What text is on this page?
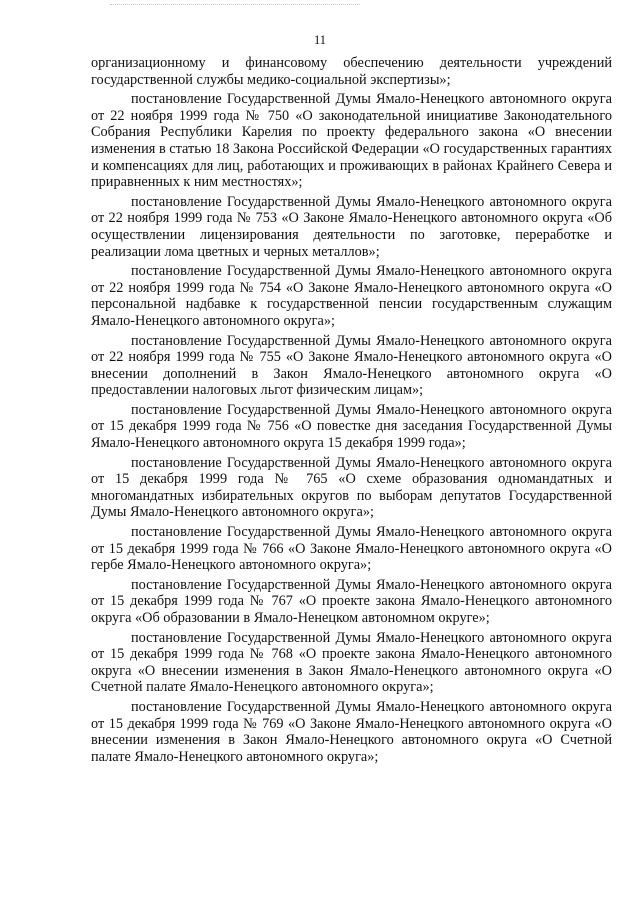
11

организационному и финансовому обеспечению деятельности учреждений государственной службы медико-социальной экспертизы»;

постановление Государственной Думы Ямало-Ненецкого автономного округа от 22 ноября 1999 года № 750 «О законодательной инициативе Законодательного Собрания Республики Карелия по проекту федерального закона «О внесении изменения в статью 18 Закона Российской Федерации «О государственных гарантиях и компенсациях для лиц, работающих и проживающих в районах Крайнего Севера и приравненных к ним местностях»;

постановление Государственной Думы Ямало-Ненецкого автономного округа от 22 ноября 1999 года № 753 «О Законе Ямало-Ненецкого автономного округа «Об осуществлении лицензирования деятельности по заготовке, переработке и реализации лома цветных и черных металлов»;

постановление Государственной Думы Ямало-Ненецкого автономного округа от 22 ноября 1999 года № 754 «О Законе Ямало-Ненецкого автономного округа «О персональной надбавке к государственной пенсии государственным служащим Ямало-Ненецкого автономного округа»;

постановление Государственной Думы Ямало-Ненецкого автономного округа от 22 ноября 1999 года № 755 «О Законе Ямало-Ненецкого автономного округа «О внесении дополнений в Закон Ямало-Ненецкого автономного округа «О предоставлении налоговых льгот физическим лицам»;

постановление Государственной Думы Ямало-Ненецкого автономного округа от 15 декабря 1999 года № 756 «О повестке дня заседания Государственной Думы Ямало-Ненецкого автономного округа 15 декабря 1999 года»;

постановление Государственной Думы Ямало-Ненецкого автономного округа от 15 декабря 1999 года № 765 «О схеме образования одномандатных и многомандатных избирательных округов по выборам депутатов Государственной Думы Ямало-Ненецкого автономного округа»;

постановление Государственной Думы Ямало-Ненецкого автономного округа от 15 декабря 1999 года № 766 «О Законе Ямало-Ненецкого автономного округа «О гербе Ямало-Ненецкого автономного округа»;

постановление Государственной Думы Ямало-Ненецкого автономного округа от 15 декабря 1999 года № 767 «О проекте закона Ямало-Ненецкого автономного округа «Об образовании в Ямало-Ненецком автономном округе»;

постановление Государственной Думы Ямало-Ненецкого автономного округа от 15 декабря 1999 года № 768 «О проекте закона Ямало-Ненецкого автономного округа «О внесении изменения в Закон Ямало-Ненецкого автономного округа «О Счетной палате Ямало-Ненецкого автономного округа»;

постановление Государственной Думы Ямало-Ненецкого автономного округа от 15 декабря 1999 года № 769 «О Законе Ямало-Ненецкого автономного округа «О внесении изменения в Закон Ямало-Ненецкого автономного округа «О Счетной палате Ямало-Ненецкого автономного округа»;
